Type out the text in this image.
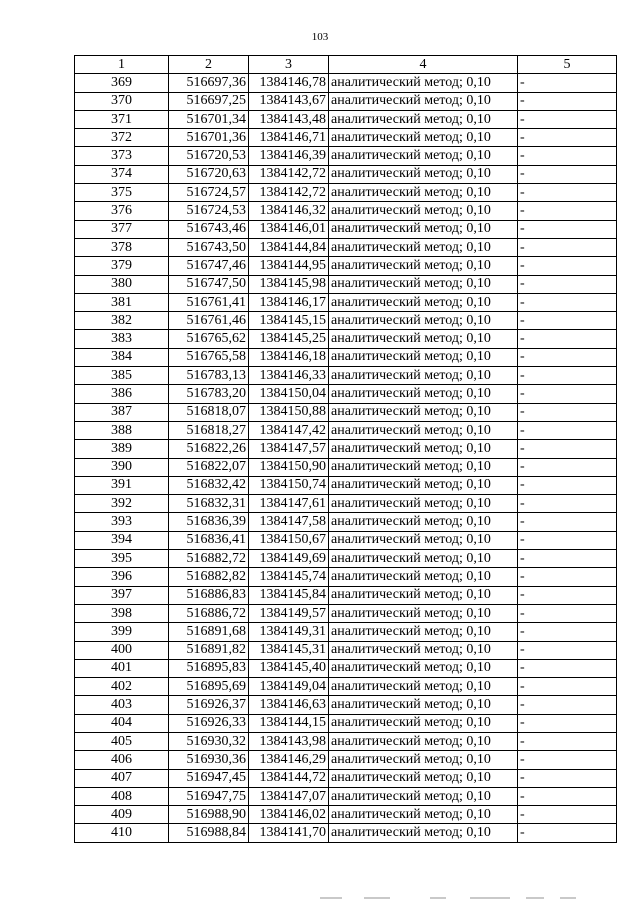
103
1	2	3	4	5
369	516697,36	1384146,78	аналитический метод; 0,10	-
370	516697,25	1384143,67	аналитический метод; 0,10	-
371	516701,34	1384143,48	аналитический метод; 0,10	-
372	516701,36	1384146,71	аналитический метод; 0,10	-
373	516720,53	1384146,39	аналитический метод; 0,10	-
374	516720,63	1384142,72	аналитический метод; 0,10	-
375	516724,57	1384142,72	аналитический метод; 0,10	-
376	516724,53	1384146,32	аналитический метод; 0,10	-
377	516743,46	1384146,01	аналитический метод; 0,10	-
378	516743,50	1384144,84	аналитический метод; 0,10	-
379	516747,46	1384144,95	аналитический метод; 0,10	-
380	516747,50	1384145,98	аналитический метод; 0,10	-
381	516761,41	1384146,17	аналитический метод; 0,10	-
382	516761,46	1384145,15	аналитический метод; 0,10	-
383	516765,62	1384145,25	аналитический метод; 0,10	-
384	516765,58	1384146,18	аналитический метод; 0,10	-
385	516783,13	1384146,33	аналитический метод; 0,10	-
386	516783,20	1384150,04	аналитический метод; 0,10	-
387	516818,07	1384150,88	аналитический метод; 0,10	-
388	516818,27	1384147,42	аналитический метод; 0,10	-
389	516822,26	1384147,57	аналитический метод; 0,10	-
390	516822,07	1384150,90	аналитический метод; 0,10	-
391	516832,42	1384150,74	аналитический метод; 0,10	-
392	516832,31	1384147,61	аналитический метод; 0,10	-
393	516836,39	1384147,58	аналитический метод; 0,10	-
394	516836,41	1384150,67	аналитический метод; 0,10	-
395	516882,72	1384149,69	аналитический метод; 0,10	-
396	516882,82	1384145,74	аналитический метод; 0,10	-
397	516886,83	1384145,84	аналитический метод; 0,10	-
398	516886,72	1384149,57	аналитический метод; 0,10	-
399	516891,68	1384149,31	аналитический метод; 0,10	-
400	516891,82	1384145,31	аналитический метод; 0,10	-
401	516895,83	1384145,40	аналитический метод; 0,10	-
402	516895,69	1384149,04	аналитический метод; 0,10	-
403	516926,37	1384146,63	аналитический метод; 0,10	-
404	516926,33	1384144,15	аналитический метод; 0,10	-
405	516930,32	1384143,98	аналитический метод; 0,10	-
406	516930,36	1384146,29	аналитический метод; 0,10	-
407	516947,45	1384144,72	аналитический метод; 0,10	-
408	516947,75	1384147,07	аналитический метод; 0,10	-
409	516988,90	1384146,02	аналитический метод; 0,10	-
410	516988,84	1384141,70	аналитический метод; 0,10	-
